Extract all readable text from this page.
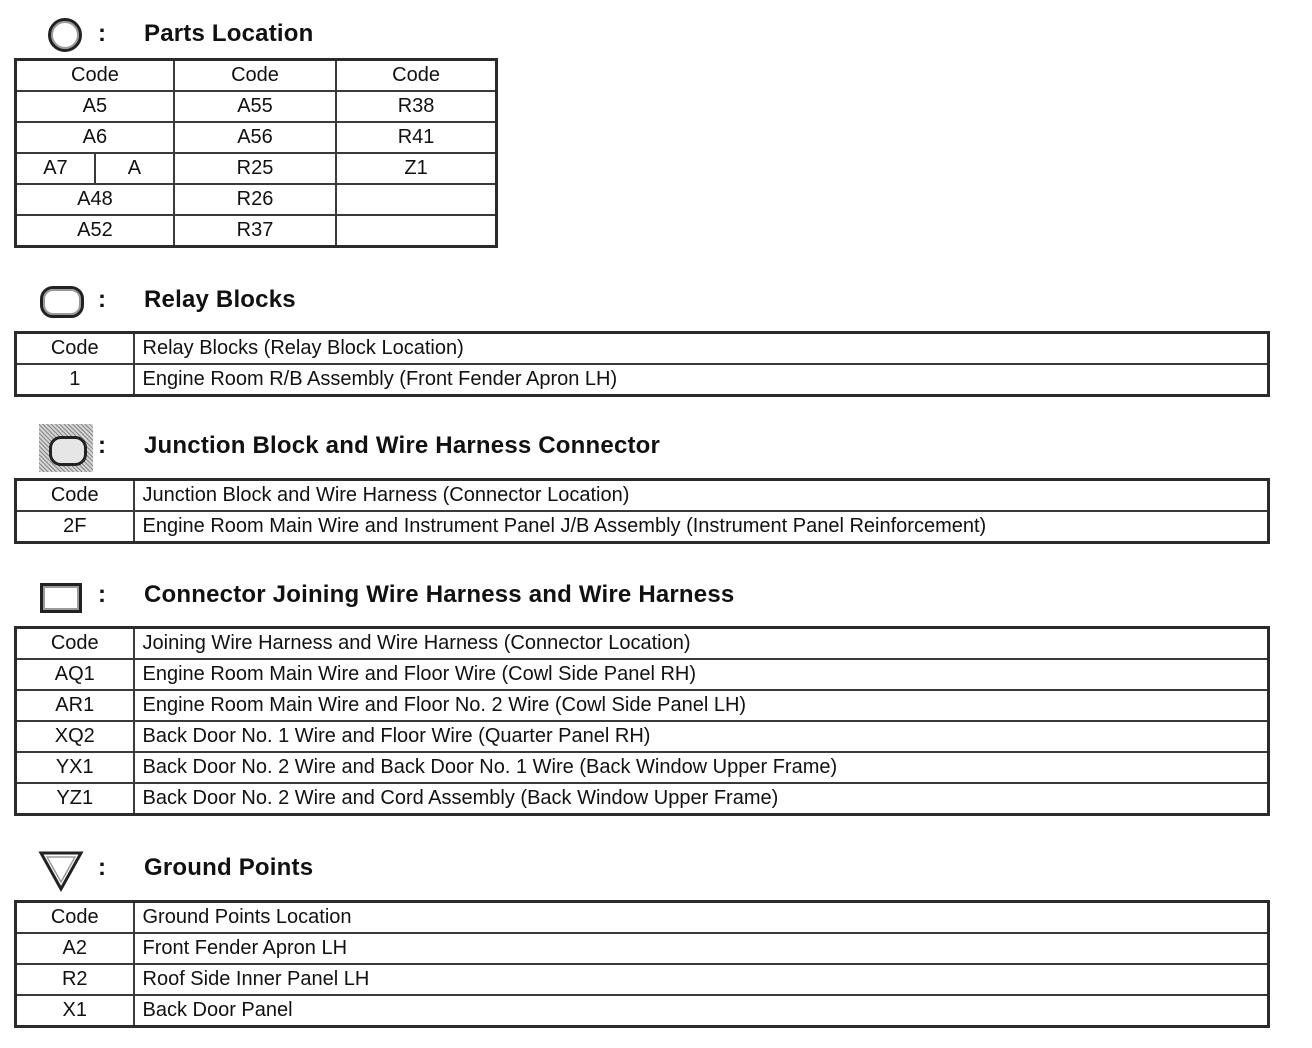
:	Parts Location
Code	Code	Code
A5	A55	R38
A6	A56	R41

A7 A	R25	Z1
A48	R26	
A52	R37	
:	Relay Blocks
Code	Relay Blocks (Relay Block Location)
1	Engine Room R/B Assembly (Front Fender Apron LH)
:	Junction Block and Wire Harness Connector
Code	Junction Block and Wire Harness (Connector Location)
2F	Engine Room Main Wire and Instrument Panel J/B Assembly (Instrument Panel Reinforcement)
:	Connector Joining Wire Harness and Wire Harness
Code	Joining Wire Harness and Wire Harness (Connector Location)
AQ1	Engine Room Main Wire and Floor Wire (Cowl Side Panel RH)
AR1	Engine Room Main Wire and Floor No. 2 Wire (Cowl Side Panel LH)
XQ2	Back Door No. 1 Wire and Floor Wire (Quarter Panel RH)
YX1	Back Door No. 2 Wire and Back Door No. 1 Wire (Back Window Upper Frame)
YZ1	Back Door No. 2 Wire and Cord Assembly (Back Window Upper Frame)
:	Ground Points
Code	Ground Points Location
A2	Front Fender Apron LH
R2	Roof Side Inner Panel LH
X1	Back Door Panel
